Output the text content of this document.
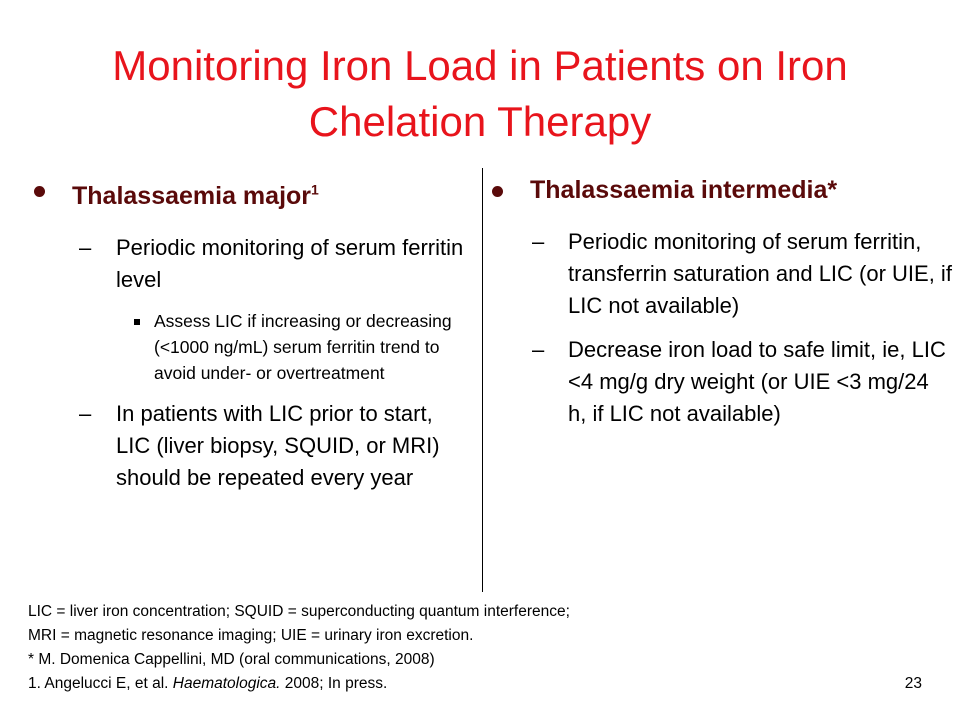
Monitoring Iron Load in Patients on Iron Chelation Therapy
Thalassaemia major$^1$
– Periodic monitoring of serum ferritin level
Assess LIC if increasing or decreasing (<1000 ng/mL) serum ferritin trend to avoid under- or overtreatment
– In patients with LIC prior to start, LIC (liver biopsy, SQUID, or MRI) should be repeated every year
Thalassaemia intermedia*
– Periodic monitoring of serum ferritin, transferrin saturation and LIC (or UIE, if LIC not available)
– Decrease iron load to safe limit, ie, LIC <4 mg/g dry weight (or UIE <3 mg/24 h, if LIC not available)
LIC = liver iron concentration; SQUID = superconducting quantum interference;
MRI = magnetic resonance imaging; UIE = urinary iron excretion.
* M. Domenica Cappellini, MD (oral communications, 2008)
1. Angelucci E, et al. Haematologica. 2008; In press.	23
